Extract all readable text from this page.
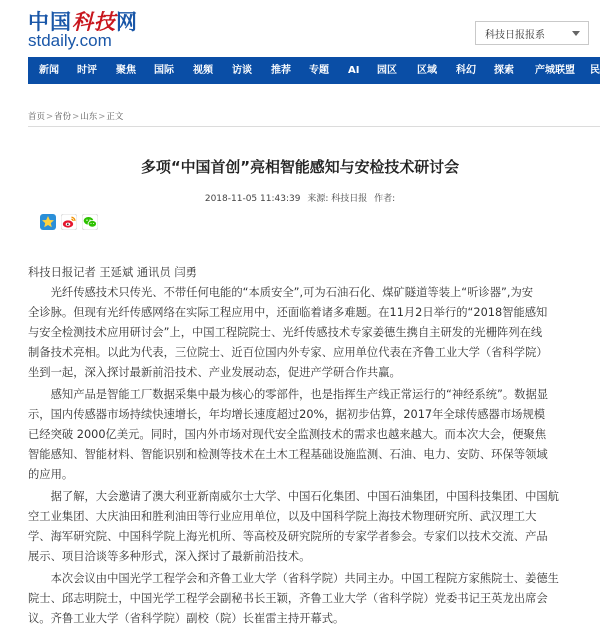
中国科技网
stdaily.com	科技日报报系
新闻 时评 聚焦 国际 视频 访谈 推荐 专题 AI 园区 区域 科幻 探索 产城联盟 民
首页>省份>山东>正文
多项“中国首创”亮相智能感知与安检技术研讨会
2018-11-05 11:43:39 来源: 科技日报 作者:
科技日报记者 王延斌 通讯员 闫勇
　　光纤传感技术只传光、不带任何电能的“本质安全”,可为石油石化、煤矿隧道等装上“听诊器”,为安
全诊脉。但现有光纤传感网络在实际工程应用中，还面临着诸多难题。在11月2日举行的“2018智能感知
与安全检测技术应用研讨会”上，中国工程院院士、光纤传感技术专家姜德生携自主研发的光栅阵列在线
制备技术亮相。以此为代表，三位院士、近百位国内外专家、应用单位代表在齐鲁工业大学（省科学院）
坐到一起，深入探讨最新前沿技术、产业发展动态，促进产学研合作共赢。
　　感知产品是智能工厂数据采集中最为核心的零部件，也是指挥生产线正常运行的“神经系统”。数据显
示，国内传感器市场持续快速增长，年均增长速度超过20%，据初步估算，2017年全球传感器市场规模
已经突破 2000亿美元。同时，国内外市场对现代安全监测技术的需求也越来越大。而本次大会，便聚焦
智能感知、智能材料、智能识别和检测等技术在土木工程基础设施监测、石油、电力、安防、环保等领域
的应用。
　　据了解，大会邀请了澳大利亚新南威尔士大学、中国石化集团、中国石油集团，中国科技集团、中国航
空工业集团、大庆油田和胜利油田等行业应用单位，以及中国科学院上海技术物理研究所、武汉理工大
学、海军研究院、中国科学院上海光机所、等高校及研究院所的专家学者参会。专家们以技术交流、产品
展示、项目洽谈等多种形式，深入探讨了最新前沿技术。
　　本次会议由中国光学工程学会和齐鲁工业大学（省科学院）共同主办。中国工程院方家熊院士、姜德生
院士、邱志明院士，中国光学工程学会副秘书长王颖，齐鲁工业大学（省科学院）党委书记王英龙出席会
议。齐鲁工业大学（省科学院）副校（院）长崔雷主持开幕式。
